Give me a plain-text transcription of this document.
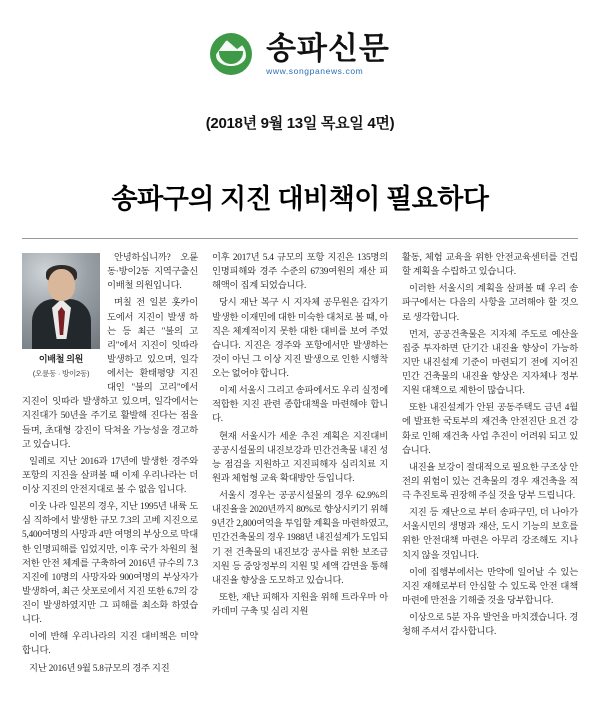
송파신문
www.songpanews.com
(2018년 9월 13일 목요일 4면)
송파구의 지진 대비책이 필요하다
이배철 의원
(오륜동 · 방이2동)

안녕하십니까? 오륜동·방이2동 지역구출신 이배철 의원입니다.

며칠 전 일본 홋카이도에서 지진이 발생 하는 등 최근 "불의 고리"에서 지진이 잇따라 발생하고 있으며, 일각에서는 환태평양 지진대인 "불의 고리"에서 지진이 잇따라 발생하고 있으며, 일각에서는 지진대가 50년을 주기로 활발해 진다는 점을 들며, 초대형 강진이 닥쳐올 가능성을 경고하고 있습니다.

일례로 지난 2016과 17년에 발생한 경주와 포항의 지진을 살펴볼 때 이제 우리나라는 더 이상 지진의 안전지대로 볼 수 없음 입니다.

이웃 나라 일본의 경우, 지난 1995년 내륙 도심 직하에서 발생한 규모 7.3의 고베 지진으로 5,400여명의 사망과 4만 여명의 부상으로 막대한 인명피해를 입었지만, 이후 국가 차원의 철저한 안전 체계를 구축하여 2016년 규수의 7.3 지진에 10명의 사망자와 900여명의 부상자가 발생하여, 최근 삿포로에서 지진 또한 6.7의 강진이 발생하였지만 그 피해를 최소화 하였습니다.

이에 반해 우리나라의 지진 대비책은 미약 합니다.

지난 2016년 9월 5.8규모의 경주 지진

이후 2017년 5.4 규모의 포항 지진은 135명의 인명피해와 경주 수준의 6739여원의 재산 피해액이 집계 되었습니다.

당시 재난 복구 시 지자체 공무원은 갑자기 발생한 이재민에 대한 미숙한 대처로 볼 때, 아직은 체계적이지 못한 대한 대비를 보여 주었습니다. 지진은 경주와 포항에서만 발생하는 것이 아닌 그 이상 지진 발생으로 인한 시행착오는 없어야 합니다.

이제 서울시 그리고 송파에서도 우리 실정에 적합한 지진 관련 종합대책을 마련해야 합니다.

현재 서울시가 세운 추진 계획은 지진대비 공공시설물의 내진보강과 민간건축물 내진 성능 점검을 지원하고 지진피해자 심리치료 지원과 체험형 교육 확대방안 등입니다.

서울시 경우는 공공시설물의 경우 62.9%의 내진율을 2020년까지 80%로 향상시키기 위해 9년간 2,800여억을 투입할 계획을 마련하였고, 민간건축물의 경우 1988년 내진설계가 도입되기 전 건축물의 내진보강 공사를 위한 보조금 지원 등 중앙정부의 지원 및 세액 감면을 통해 내진율 향상을 도모하고 있습니다.

또한, 재난 피해자 지원을 위해 트라우마 아카데미 구축 및 심리 지원

활동, 체험 교육을 위한 안전교육센터를 건립할 계획을 수립하고 있습니다.

이러한 서울시의 계획을 살펴볼 때 우리 송파구에서는 다음의 사항을 고려해야 할 것으로 생각합니다.

먼저, 공공건축물은 지자체 주도로 예산을 집중 투자하면 단기간 내진율 향상이 가능하지만 내진설계 기준이 마련되기 전에 지어진 민간 건축물의 내진율 향상은 지자체나 정부지원 대책으로 제한이 많습니다.

또한 내진설계가 안된 공동주택도 금년 4월에 발표한 국토부의 재건축 안전진단 요건 강화로 인해 재건축 사업 추진이 어려워 되고 있습니다.

내진율 보강이 절대적으로 필요한 구조상 안전의 위험이 있는 건축물의 경우 재건축을 적극 추진토록 권장해 주실 것을 당부 드립니다.

지진 등 재난으로 부터 송파구민, 더 나아가 서울시민의 생명과 재산, 도시 기능의 보호를 위한 안전대책 마련은 아무리 강조해도 지나치지 않을 것입니다.

이에 집행부에서는 만약에 일어날 수 있는 지진 재해로부터 안심할 수 있도록 안전 대책 마련에 만전을 기해줄 것을 당부합니다.

이상으로 5분 자유 발언을 마치겠습니다. 경청해 주셔서 감사합니다.
